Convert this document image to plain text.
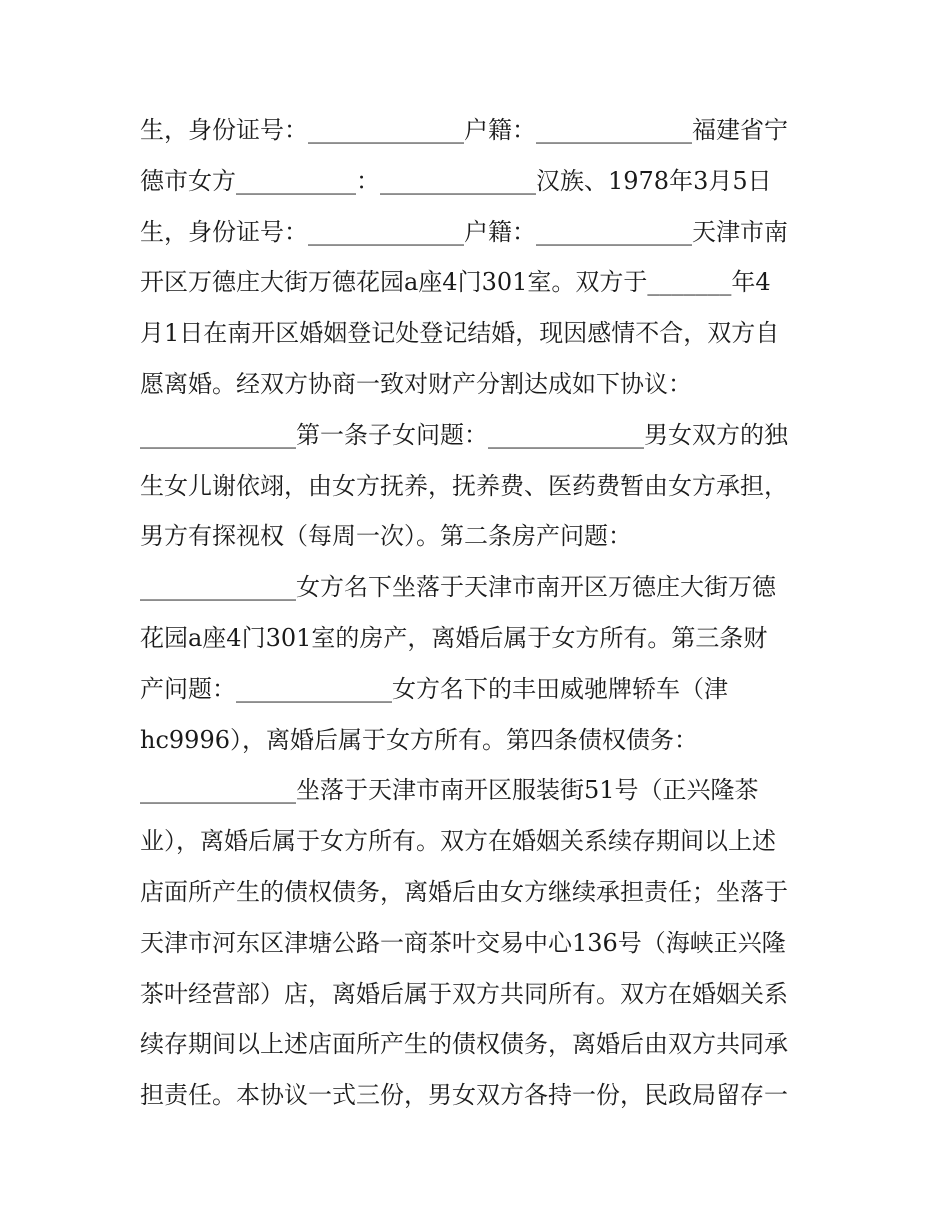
生，身份证号：_____________户籍：_____________福建省宁
德市女方__________：_____________汉族、1978年3月5日
生，身份证号：_____________户籍：_____________天津市南
开区万德庄大街万德花园a座4门301室。双方于_______年4
月1日在南开区婚姻登记处登记结婚，现因感情不合，双方自
愿离婚。经双方协商一致对财产分割达成如下协议：
_____________第一条子女问题：_____________男女双方的独
生女儿谢依翊，由女方抚养，抚养费、医药费暂由女方承担，
男方有探视权（每周一次）。第二条房产问题：
_____________女方名下坐落于天津市南开区万德庄大街万德
花园a座4门301室的房产，离婚后属于女方所有。第三条财
产问题：_____________女方名下的丰田威驰牌轿车（津
hc9996），离婚后属于女方所有。第四条债权债务：
_____________坐落于天津市南开区服装街51号（正兴隆茶
业），离婚后属于女方所有。双方在婚姻关系续存期间以上述
店面所产生的债权债务，离婚后由女方继续承担责任；坐落于
天津市河东区津塘公路一商茶叶交易中心136号（海峡正兴隆
茶叶经营部）店，离婚后属于双方共同所有。双方在婚姻关系
续存期间以上述店面所产生的债权债务，离婚后由双方共同承
担责任。本协议一式三份，男女双方各持一份，民政局留存一
